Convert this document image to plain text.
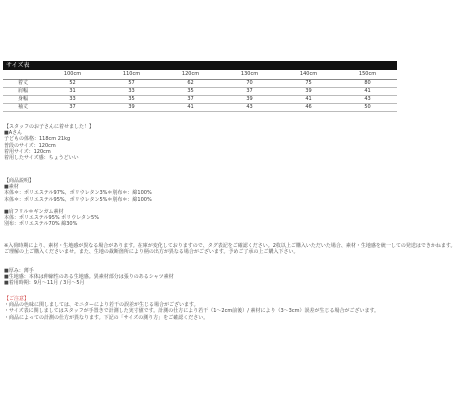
サイズ表
	100cm	110cm	120cm	130cm	140cm	150cm
着丈	52	57	62	70	75	80
肩幅	31	33	35	37	39	41
身幅	33	35	37	39	41	43
袖丈	37	39	41	43	46	50
【スタッフのお子さんに着せました！】
■Aさん
子どもの体格：118cm 21kg
普段のサイズ：120cm
着用サイズ：120cm
着用したサイズ感：ちょうどいい
【商品説明】
■素材
本体＊：ポリエステル97%、ポリウレタン3%＊別布＊：綿100%
本体＊：ポリエステル95%、ポリウレタン5%＊別布＊：綿100%
■肩フリル＊ギンガム素材
本体：ポリエステル95% ポリウレタン5%
別布：ポリエステル70% 綿30%
※入荷時期により、素材・生地感が異なる場合があります。在庫が変化しておりますので、タグ表記をご確認ください。2枚以上ご購入いただいた場合、素材・生地感を統一しての発送はできかねます。
ご理解の上ご購入くださいませ。また、生地の裁断箇所により柄の出方が異なる場合がございます。予めご了承の上ご購入下さい。
■厚み：薄手
■生地感：本体は伸縮性のある生地感。異素材部分は張りのあるシャツ素材
■着用時期：9月～11月 / 3月～5月
【ご注意】
・商品の色味に関しましては、モニターにより若干の誤差が生じる場合がございます。
・サイズ表に関しましてはスタッフが手置きで計測した実寸値です。計測の仕方により若干（1～2cm前後）/ 素材により（3～3cm）誤差が生じる場合がございます。
・商品によっての計測の仕方が異なります。下記の「サイズの測り方」をご確認ください。
